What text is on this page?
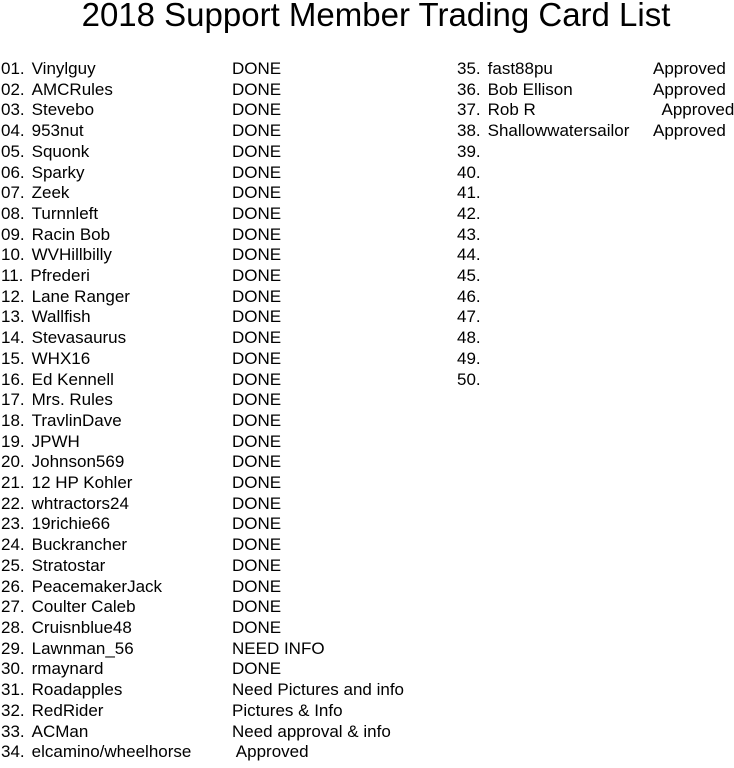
2018 Support Member Trading Card List
01. Vinylguy	DONE
02. AMCRules	DONE
03. Stevebo	DONE
04. 953nut	DONE
05. Squonk	DONE
06. Sparky	DONE
07. Zeek	DONE
08. Turnnleft	DONE
09. Racin Bob	DONE
10. WVHillbilly	DONE
11. Pfrederi	DONE
12. Lane Ranger	DONE
13. Wallfish	DONE
14. Stevasaurus	DONE
15. WHX16	DONE
16. Ed Kennell	DONE
17. Mrs. Rules	DONE
18. TravlinDave	DONE
19. JPWH	DONE
20. Johnson569	DONE
21. 12 HP Kohler	DONE
22. whtractors24	DONE
23. 19richie66	DONE
24. Buckrancher	DONE
25. Stratostar	DONE
26. PeacemakerJack	DONE
27. Coulter Caleb	DONE
28. Cruisnblue48	DONE
29. Lawnman_56	NEED INFO
30. rmaynard	DONE
31. Roadapples	Need Pictures and info
32. RedRider	Pictures & Info
33. ACMan	Need approval & info
34. elcamino/wheelhorse Approved
35. fast88pu	Approved
36. Bob Ellison	Approved
37. Rob R	Approved
38. Shallowwatersailor Approved
39.
40.
41.
42.
43.
44.
45.
46.
47.
48.
49.
50.
